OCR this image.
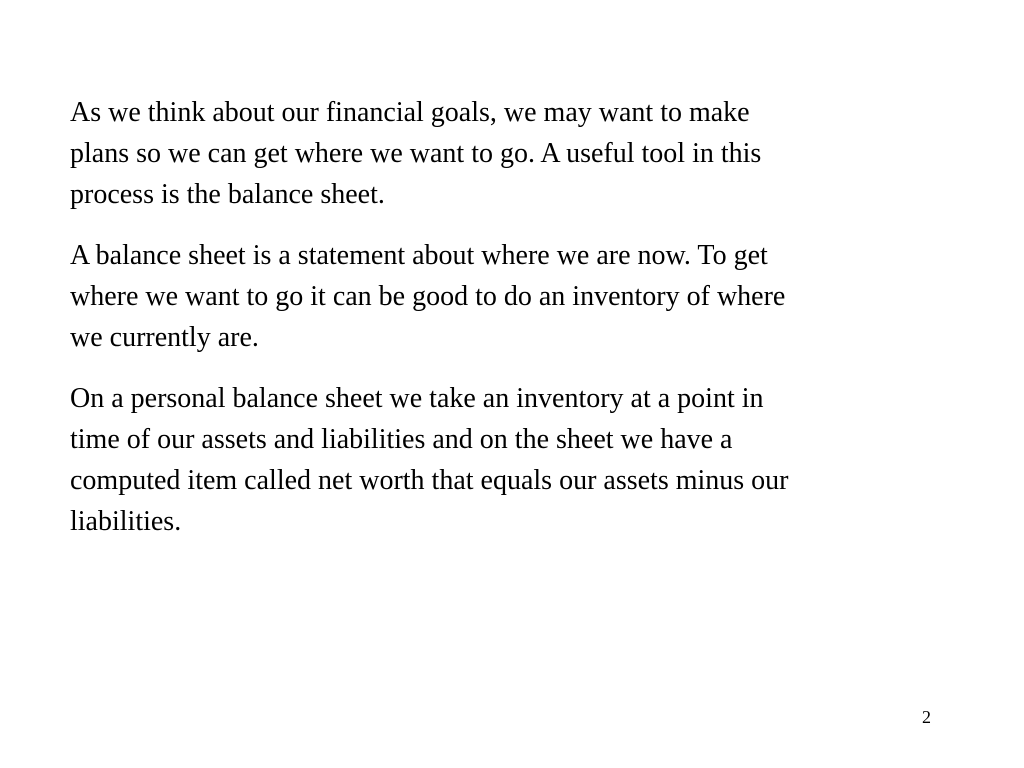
As we think about our financial goals, we may want to make
plans so we can get where we want to go. A useful tool in this
process is the balance sheet.

A balance sheet is a statement about where we are now. To get
where we want to go it can be good to do an inventory of where
we currently are.

On a personal balance sheet we take an inventory at a point in
time of our assets and liabilities and on the sheet we have a
computed item called net worth that equals our assets minus our
liabilities.

2
